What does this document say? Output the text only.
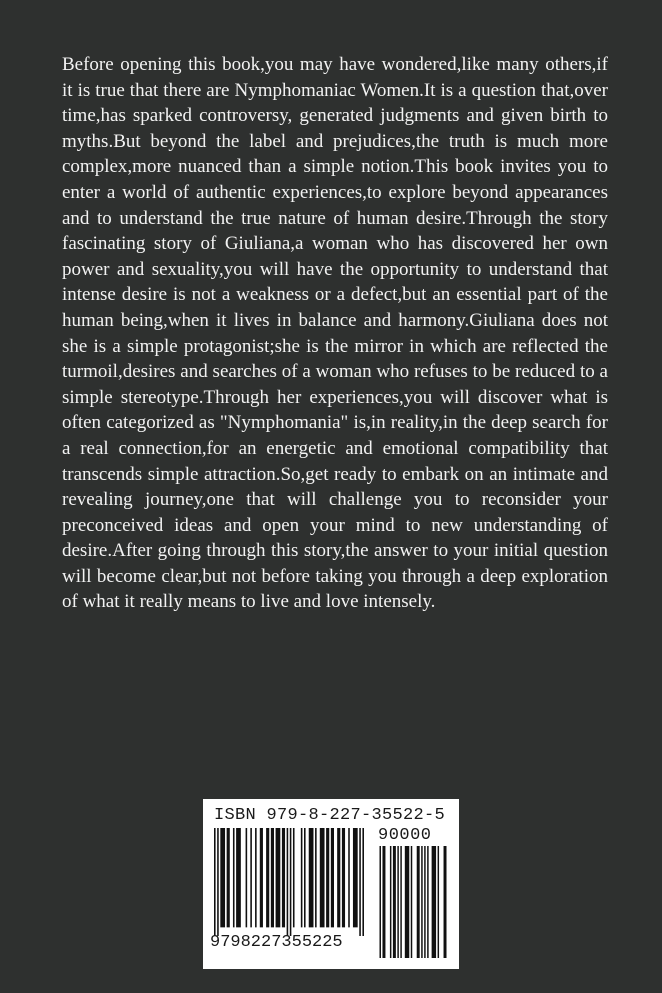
Before opening this book,you may have wondered,like many others,if it is true that there are Nymphomaniac Women.It is a question that,over time,has sparked controversy, generated judgments and given birth to myths.But beyond the label and prejudices,the truth is much more complex,more nuanced than a simple notion.This book invites you to enter a world of authentic experiences,to explore beyond appearances and to understand the true nature of human desire.Through the story fascinating story of Giuliana,a woman who has discovered her own power and sexuality,you will have the opportunity to understand that intense desire is not a weakness or a defect,but an essential part of the human being,when it lives in balance and harmony.Giuliana does not she is a simple protagonist;she is the mirror in which are reflected the turmoil,desires and searches of a woman who refuses to be reduced to a simple stereotype.Through her experiences,you will discover what is often categorized as "Nymphomania" is,in reality,in the deep search for a real connection,for an energetic and emotional compatibility that transcends simple attraction.So,get ready to embark on an intimate and revealing journey,one that will challenge you to reconsider your preconceived ideas and open your mind to new understanding of desire.After going through this story,the answer to your initial question will become clear,but not before taking you through a deep exploration of what it really means to live and love intensely.

ISBN 979-8-227-35522-5
90000
9798227355225
